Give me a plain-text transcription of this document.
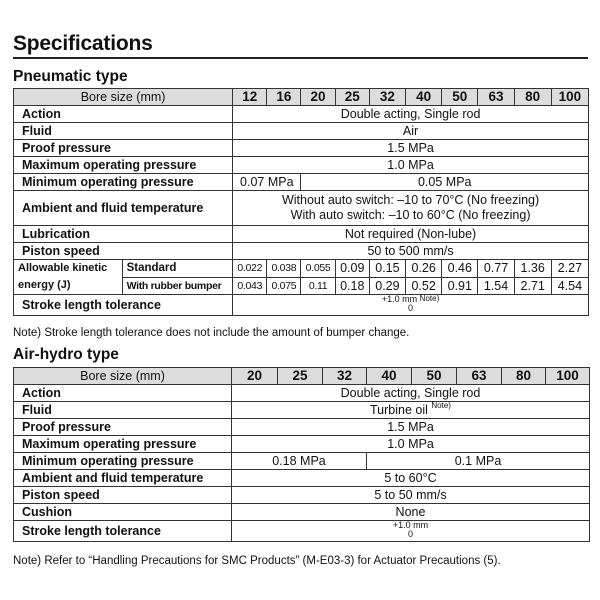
Specifications
Pneumatic type
Bore size (mm)		12	16	20	25	32	40	50	63	80	100
Action		Double acting, Single rod									
Fluid		Air									
Proof pressure		1.5 MPa									
Maximum operating pressure		1.0 MPa									
Minimum operating pressure		0.07 MPa		0.05 MPa							
Ambient and fluid temperature		Without auto switch: –10 to 70°C (No freezing)
With auto switch: –10 to 60°C (No freezing)									

Lubrication		Not required (Non-lube)									
Piston speed		50 to 500 mm/s									

Allowable kinetic
energy (J)	Standard	0.022	0.038	0.055	0.09	0.15	0.26	0.46	0.77	1.36	2.27
	With rubber bumper	0.043	0.075	0.11	0.18	0.29	0.52	0.91	1.54	2.71	4.54
Stroke length tolerance		+1.0 mm $^{Note)}$
0									
Note) Stroke length tolerance does not include the amount of bumper change.
Air-hydro type
Bore size (mm)	20	25	32	40	50	63	80	100
Action	Double acting, Single rod							
Fluid	Turbine oil $^{Note)}$
Proof pressure	1.5 MPa							
Maximum operating pressure	1.0 MPa							
Minimum operating pressure	0.18 MPa			0.1 MPa				
Ambient and fluid temperature	5 to 60°C							
Piston speed	5 to 50 mm/s							
Cushion	None							
Stroke length tolerance	+1.0 mm
0							
Note) Refer to “Handling Precautions for SMC Products” (M-E03-3) for Actuator Precautions (5).
